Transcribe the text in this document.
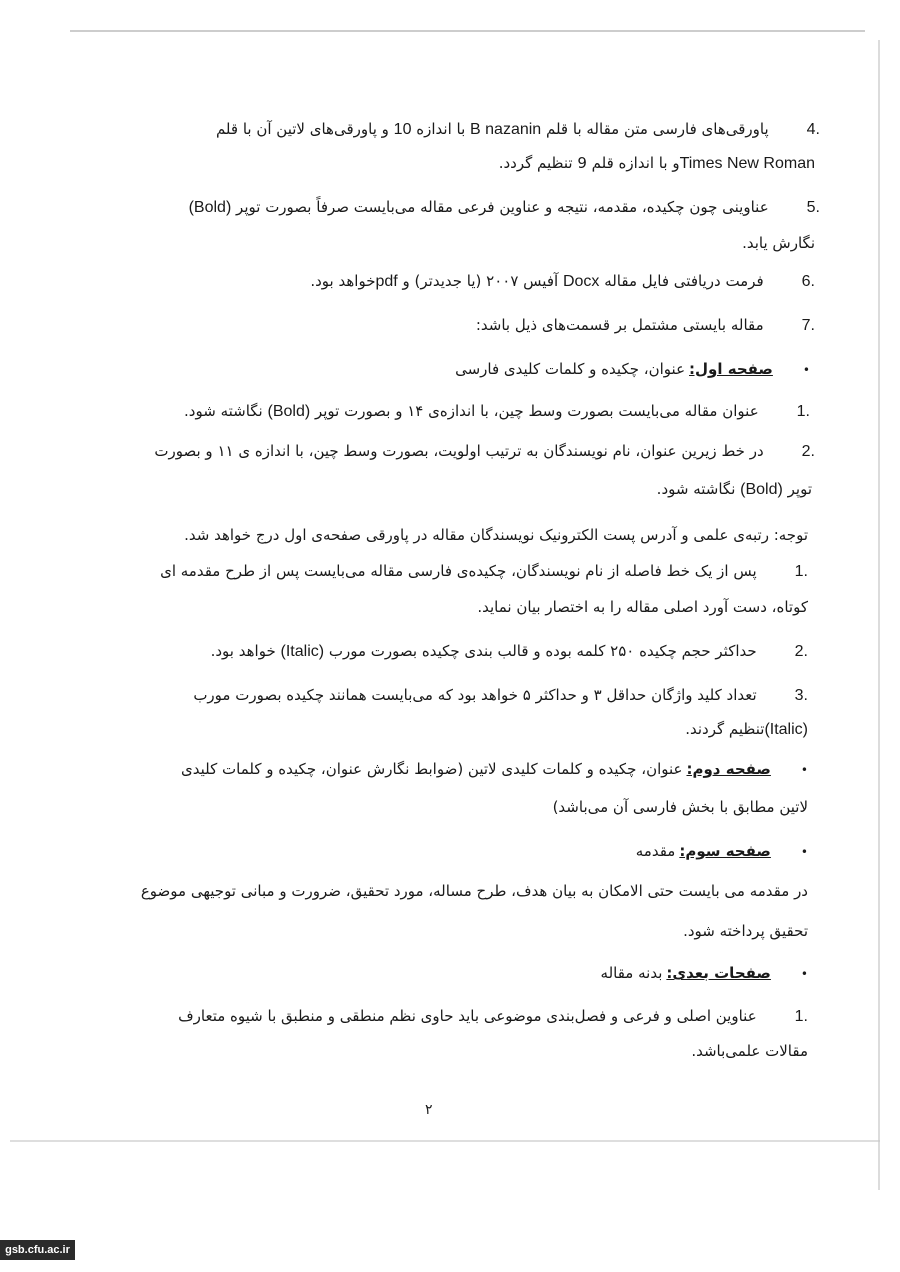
4.پاورقی‌های فارسی متن مقاله با قلم B nazanin با اندازه 10 و پاورقی‌های لاتین آن با قلم
Times New Romanو با اندازه قلم 9 تنظیم گردد.
5.عناوینی چون چکیده، مقدمه، نتیجه و عناوین فرعی مقاله می‌بایست صرفاً بصورت توپر (Bold)
نگارش یابد.
6.فرمت دریافتی فایل مقاله Docx آفیس ۲۰۰۷ (یا جدیدتر) و pdfخواهد بود.
7.مقاله بایستی مشتمل بر قسمت‌های ذیل باشد:
•صفحه اول:عنوان، چکیده و کلمات کلیدی فارسی
1.عنوان مقاله می‌بایست بصورت وسط چین، با اندازه‌ی ۱۴ و بصورت توپر (Bold) نگاشته شود.
2.در خط زیرین عنوان، نام نویسندگان به ترتیب اولویت، بصورت وسط چین، با اندازه ی ۱۱ و بصورت
توپر (Bold) نگاشته شود.
توجه: رتبه‌ی علمی و آدرس پست الکترونیک نویسندگان مقاله در پاورقی صفحه‌ی اول درج خواهد شد.
1.پس از یک خط فاصله از نام نویسندگان، چکیده‌ی فارسی مقاله می‌بایست پس از طرح مقدمه ای
کوتاه، دست آورد اصلی مقاله را به اختصار بیان نماید.
2.حداکثر حجم چکیده ۲۵۰ کلمه بوده و قالب بندی چکیده بصورت مورب (Italic) خواهد بود.
3.تعداد کلید واژگان حداقل ۳ و حداکثر ۵ خواهد بود که می‌بایست همانند چکیده بصورت مورب
(Italic)تنظیم گردند.
•صفحه دوم:عنوان، چکیده و کلمات کلیدی لاتین (ضوابط نگارش عنوان، چکیده و کلمات کلیدی
لاتین مطابق با بخش فارسی آن می‌باشد)
•صفحه سوم:مقدمه
در مقدمه می بایست حتی الامکان به بیان هدف، طرح مساله، مورد تحقیق، ضرورت و مبانی توجیهی موضوع
تحقیق پرداخته شود.
•صفحات بعدی:بدنه مقاله
1.عناوین اصلی و فرعی و فصل‌بندی موضوعی باید حاوی نظم منطقی و منطبق با شیوه متعارف
مقالات علمی‌باشد.
۲
gsb.cfu.ac.ir
